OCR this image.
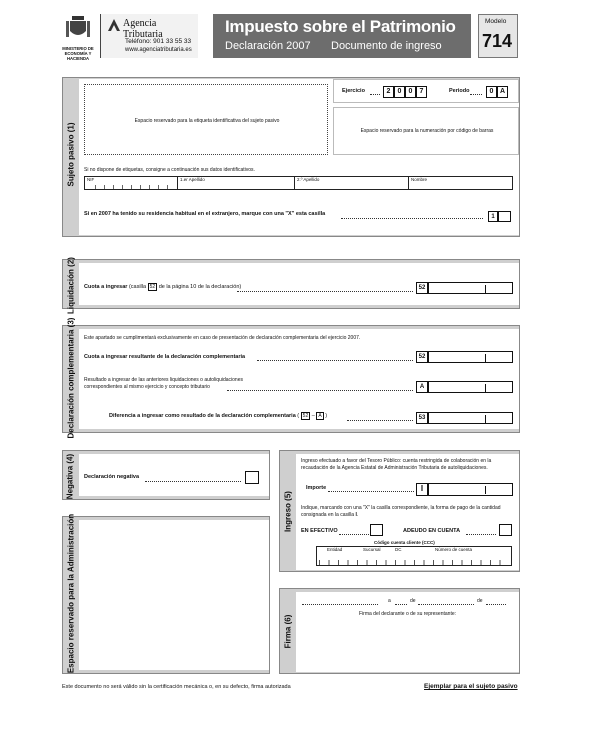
MINISTERIO DE ECONOMÍA Y HACIENDA
Agencia Tributaria
Teléfono: 901 33 55 33
www.agenciatributaria.es
Impuesto sobre el Patrimonio
Declaración 2007 Documento de ingreso
Modelo
714
Sujeto pasivo (1)
Espacio reservado para la etiqueta identificativa del sujeto pasivo
Ejercicio	2	0	0	7	Periodo	0 A
Espacio reservado para la numeración por código de barras
Si no dispone de etiquetas, consigne a continuación sus datos identificativos.
NIF	1.er Apellido	2.º Apellido	Nombre
Si en 2007 ha tenido su residencia habitual en el extranjero, marque con una "X" esta casilla	1
Liquidación (2) Cuota a ingresar (casilla 52 de la página 10 de la declaración)	52
Declaración complementaria (3) Este apartado se cumplimentará exclusivamente en caso de presentación de declaración complementaria del ejercicio 2007.
Cuota a ingresar resultante de la declaración complementaria	52
Resultado a ingresar de las anteriores liquidaciones o autoliquidaciones
correspondientes al mismo ejercicio y concepto tributario	A
Diferencia a ingresar como resultado de la declaración complementaria ( 52 – A )	53
Negativa (4) Declaración negativa
Espacio reservado para la Administración
Ingreso (5)
Ingreso efectuado a favor del Tesoro Público: cuenta restringida de colaboración en la
recaudación de la Agencia Estatal de Administración Tributaria de autoliquidaciones.
Importe	I
Indique, marcando con una "X" la casilla correspondiente, la forma de pago de la cantidad
consignada en la casilla I.
EN EFECTIVO	ADEUDO EN CUENTA
Código cuenta cliente (CCC)
Entidad	Sucursal	DC	Número de cuenta
Firma (6)
a	de	de
Firma del declarante o de su representante:
Este documento no será válido sin la certificación mecánica o, en su defecto, firma autorizada	Ejemplar para el sujeto pasivo
